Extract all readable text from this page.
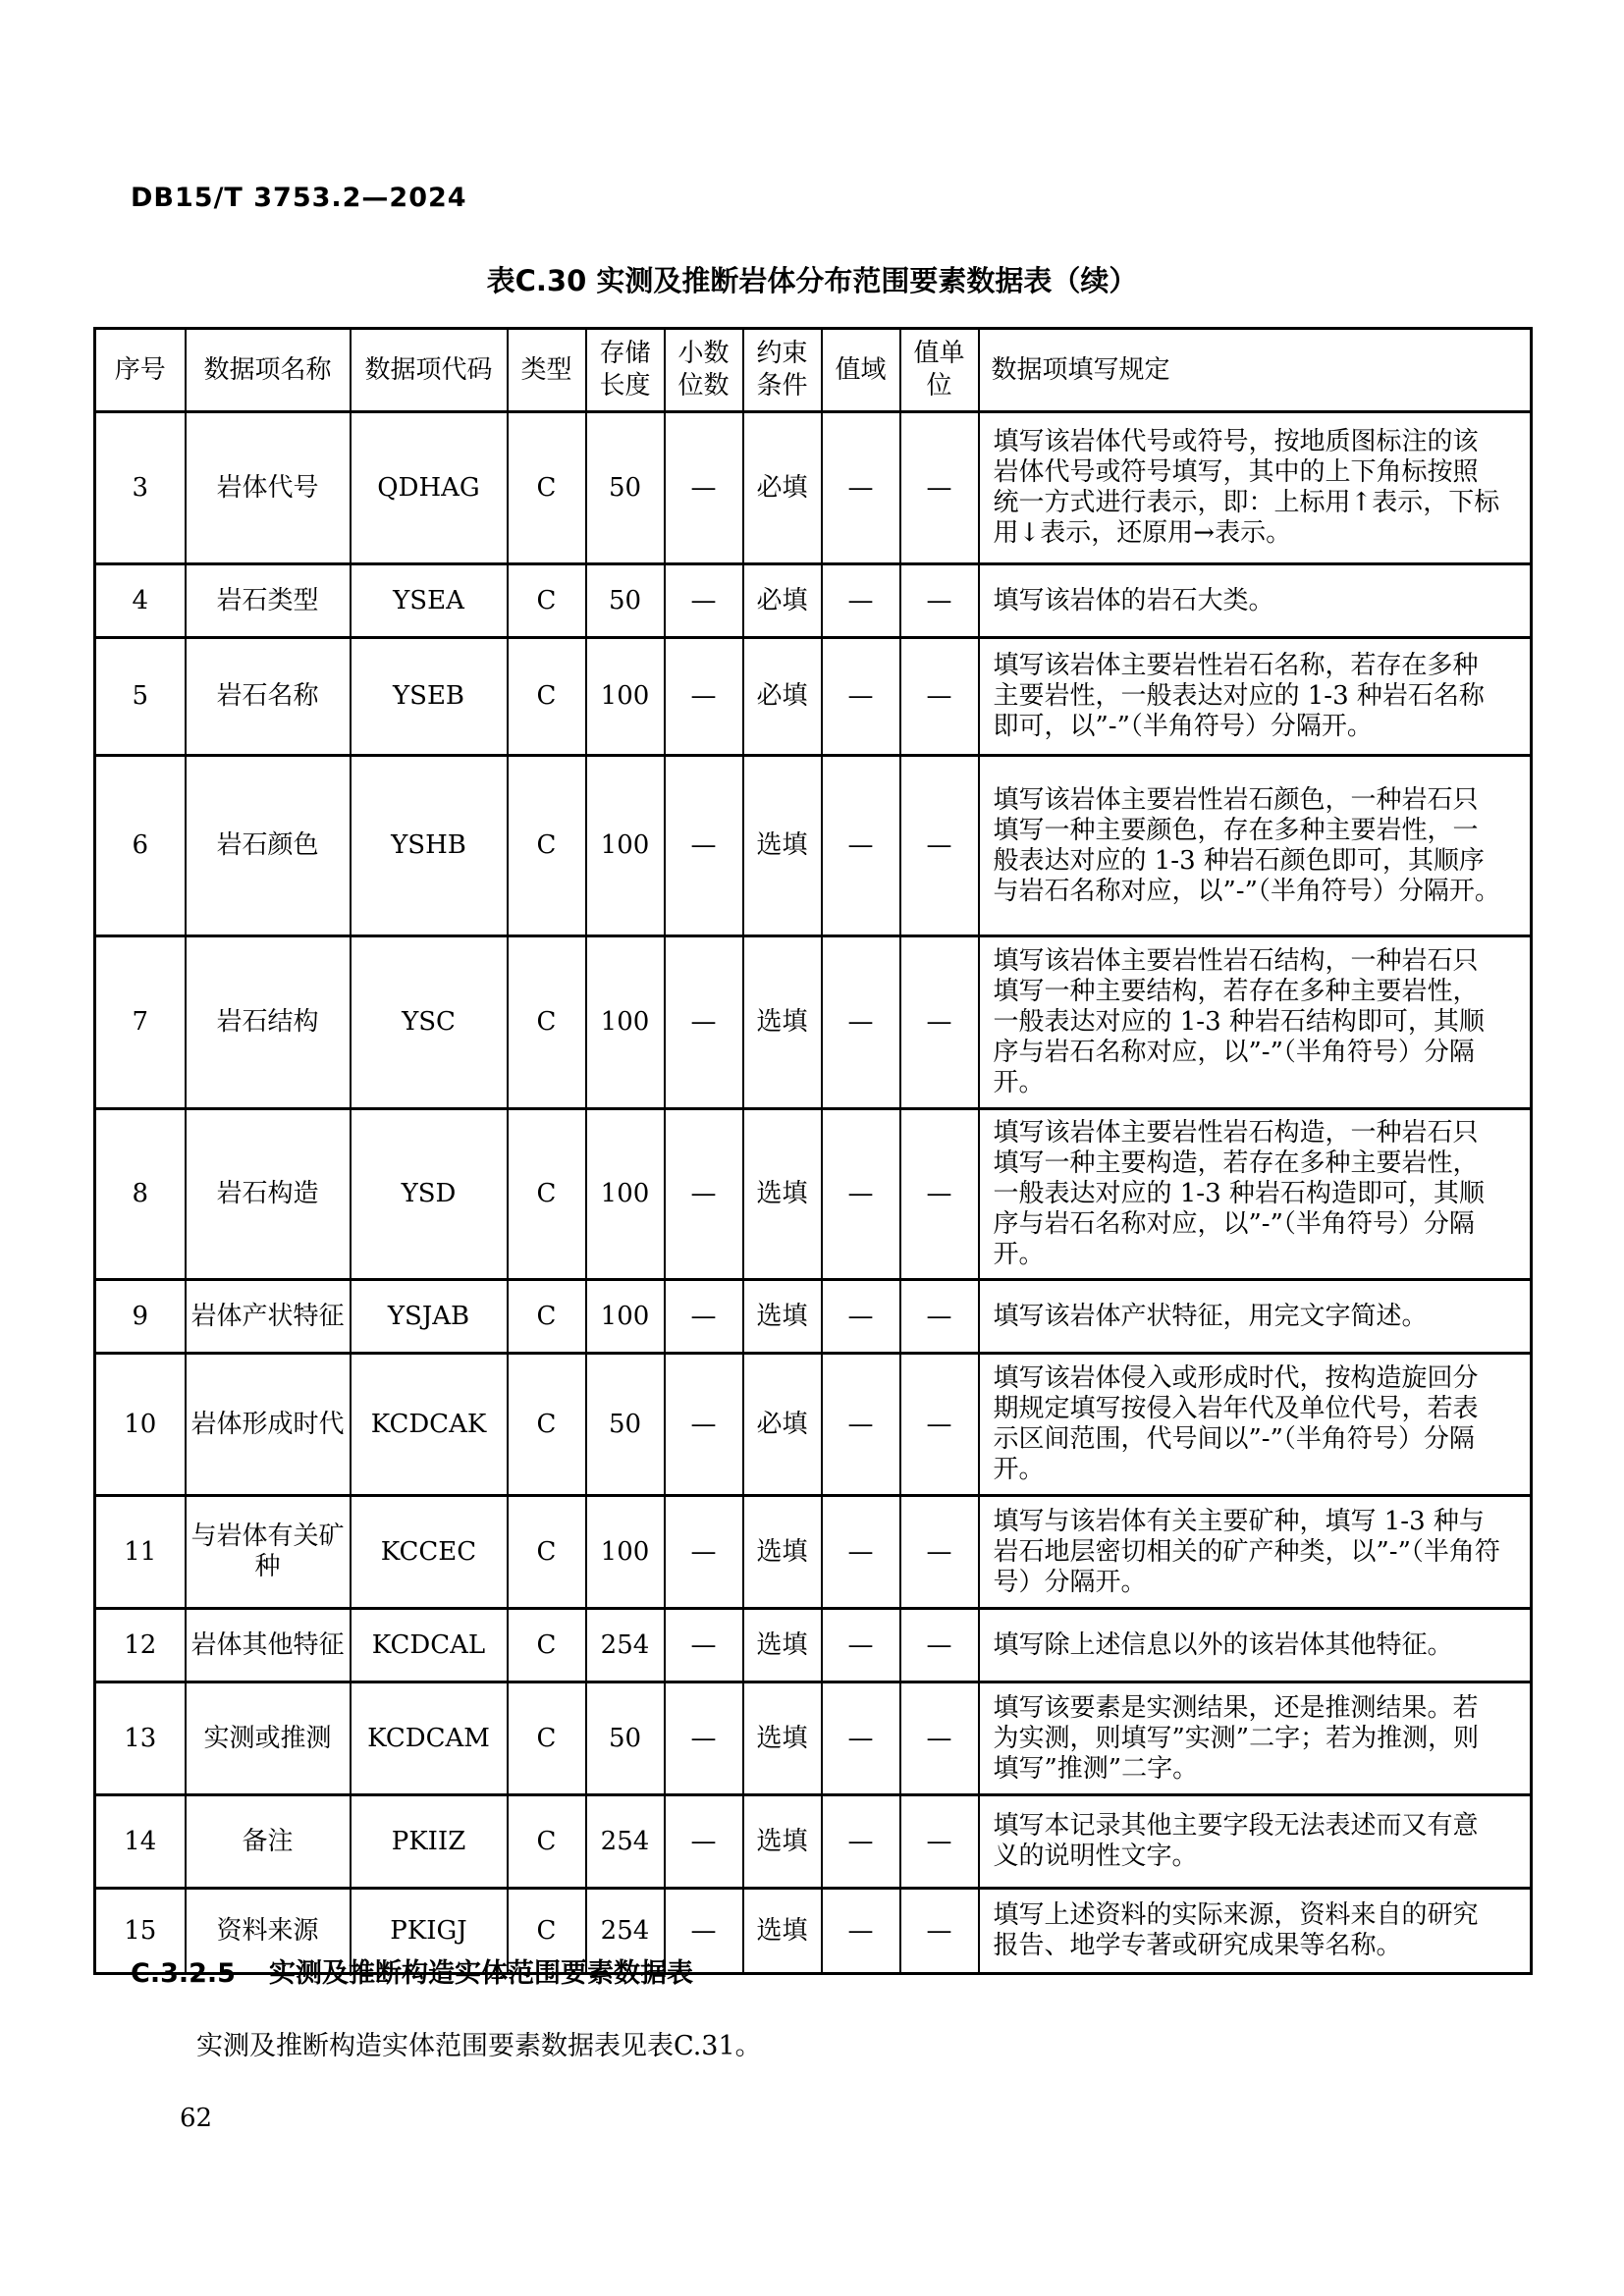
DB15/T 3753.2—2024
表C.30 实测及推断岩体分布范围要素数据表（续）
序号	数据项名称	数据项代码	类型	存储长度	小数位数	约束条件	值域	值单位	数据项填写规定
3	岩体代号	QDHAG	C	50	—	必填	—	—	填写该岩体代号或符号，按地质图标注的该岩体代号或符号填写，其中的上下角标按照统一方式进行表示，即：上标用↑表示，下标用↓表示，还原用→表示。
4	岩石类型	YSEA	C	50	—	必填	—	—	填写该岩体的岩石大类。
5	岩石名称	YSEB	C	100	—	必填	—	—	填写该岩体主要岩性岩石名称，若存在多种主要岩性，一般表达对应的 1-3 种岩石名称即可，以”-”（半角符号）分隔开。
6	岩石颜色	YSHB	C	100	—	选填	—	—	填写该岩体主要岩性岩石颜色，一种岩石只填写一种主要颜色，存在多种主要岩性，一般表达对应的 1-3 种岩石颜色即可，其顺序与岩石名称对应，以”-”（半角符号）分隔开。
7	岩石结构	YSC	C	100	—	选填	—	—	填写该岩体主要岩性岩石结构，一种岩石只填写一种主要结构，若存在多种主要岩性，一般表达对应的 1-3 种岩石结构即可，其顺序与岩石名称对应，以”-”（半角符号）分隔开。
8	岩石构造	YSD	C	100	—	选填	—	—	填写该岩体主要岩性岩石构造，一种岩石只填写一种主要构造，若存在多种主要岩性，一般表达对应的 1-3 种岩石构造即可，其顺序与岩石名称对应，以”-”（半角符号）分隔开。
9	岩体产状特征	YSJAB	C	100	—	选填	—	—	填写该岩体产状特征，用完文字简述。
10	岩体形成时代	KCDCAK	C	50	—	必填	—	—	填写该岩体侵入或形成时代，按构造旋回分期规定填写按侵入岩年代及单位代号，若表示区间范围，代号间以”-”（半角符号）分隔开。
11	与岩体有关矿种	KCCEC	C	100	—	选填	—	—	填写与该岩体有关主要矿种，填写 1-3 种与岩石地层密切相关的矿产种类，以”-”（半角符号）分隔开。
12	岩体其他特征	KCDCAL	C	254	—	选填	—	—	填写除上述信息以外的该岩体其他特征。
13	实测或推测	KCDCAM	C	50	—	选填	—	—	填写该要素是实测结果，还是推测结果。若为实测，则填写”实测”二字；若为推测，则填写”推测”二字。
14	备注	PKIIZ	C	254	—	选填	—	—	填写本记录其他主要字段无法表述而又有意义的说明性文字。
15	资料来源	PKIGJ	C	254	—	选填	—	—	填写上述资料的实际来源，资料来自的研究报告、地学专著或研究成果等名称。
C.3.2.5 实测及推断构造实体范围要素数据表

实测及推断构造实体范围要素数据表见表C.31。

62
